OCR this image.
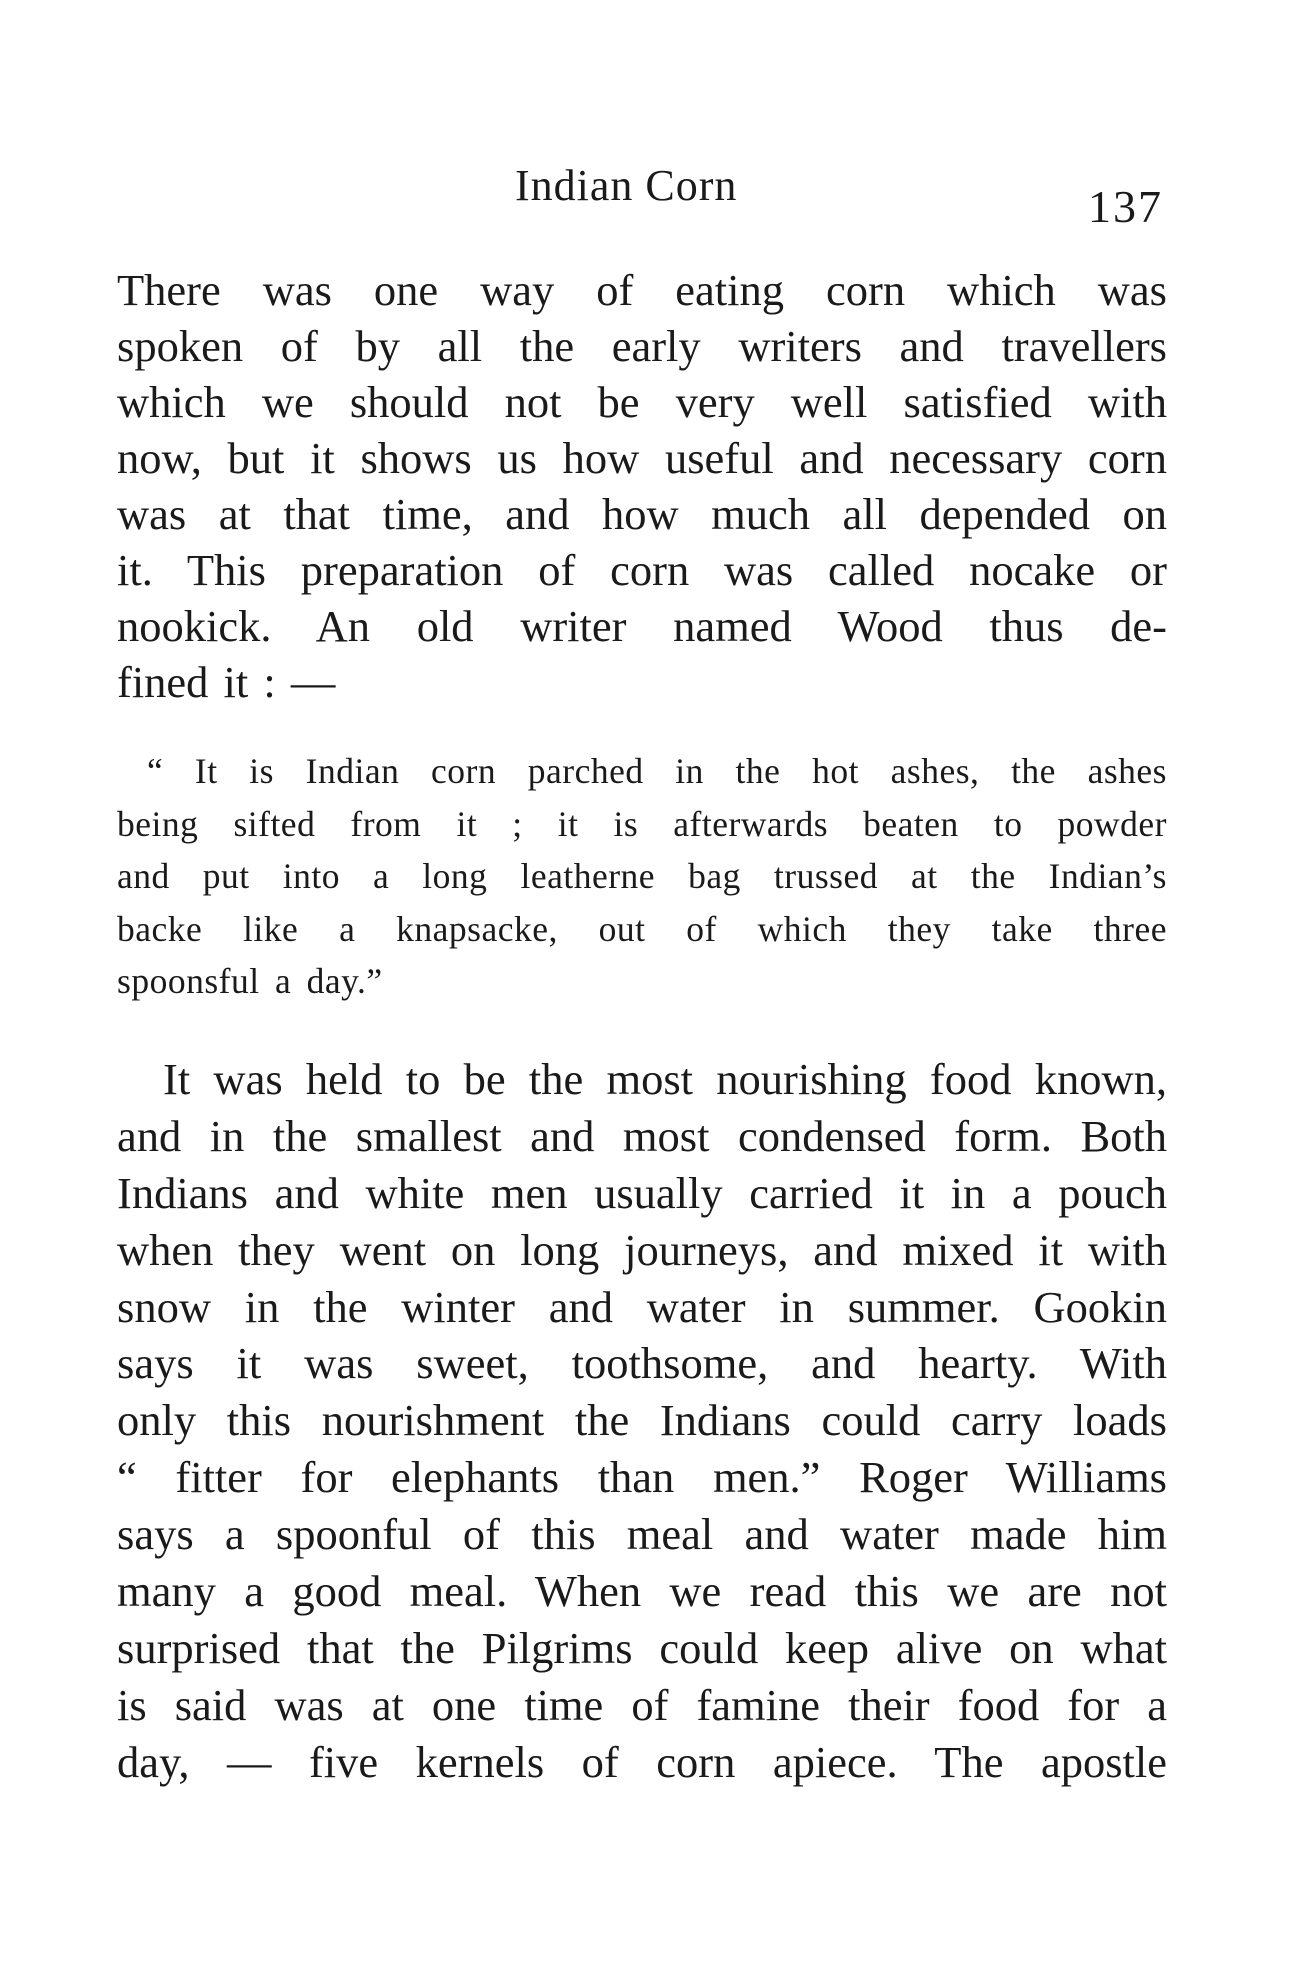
Indian Corn	137
There was one way of eating corn which was
spoken of by all the early writers and travellers
which we should not be very well satisfied with
now, but it shows us how useful and necessary corn
was at that time, and how much all depended on
it. This preparation of corn was called nocake or
nookick. An old writer named Wood thus de-
fined it : —
“ It is Indian corn parched in the hot ashes, the ashes
being sifted from it ; it is afterwards beaten to powder
and put into a long leatherne bag trussed at the Indian’s
backe like a knapsacke, out of which they take three
spoonsful a day.”
It was held to be the most nourishing food known,
and in the smallest and most condensed form. Both
Indians and white men usually carried it in a pouch
when they went on long journeys, and mixed it with
snow in the winter and water in summer. Gookin
says it was sweet, toothsome, and hearty. With
only this nourishment the Indians could carry loads
“ fitter for elephants than men.” Roger Williams
says a spoonful of this meal and water made him
many a good meal. When we read this we are not
surprised that the Pilgrims could keep alive on what
is said was at one time of famine their food for a
day, — five kernels of corn apiece. The apostle
